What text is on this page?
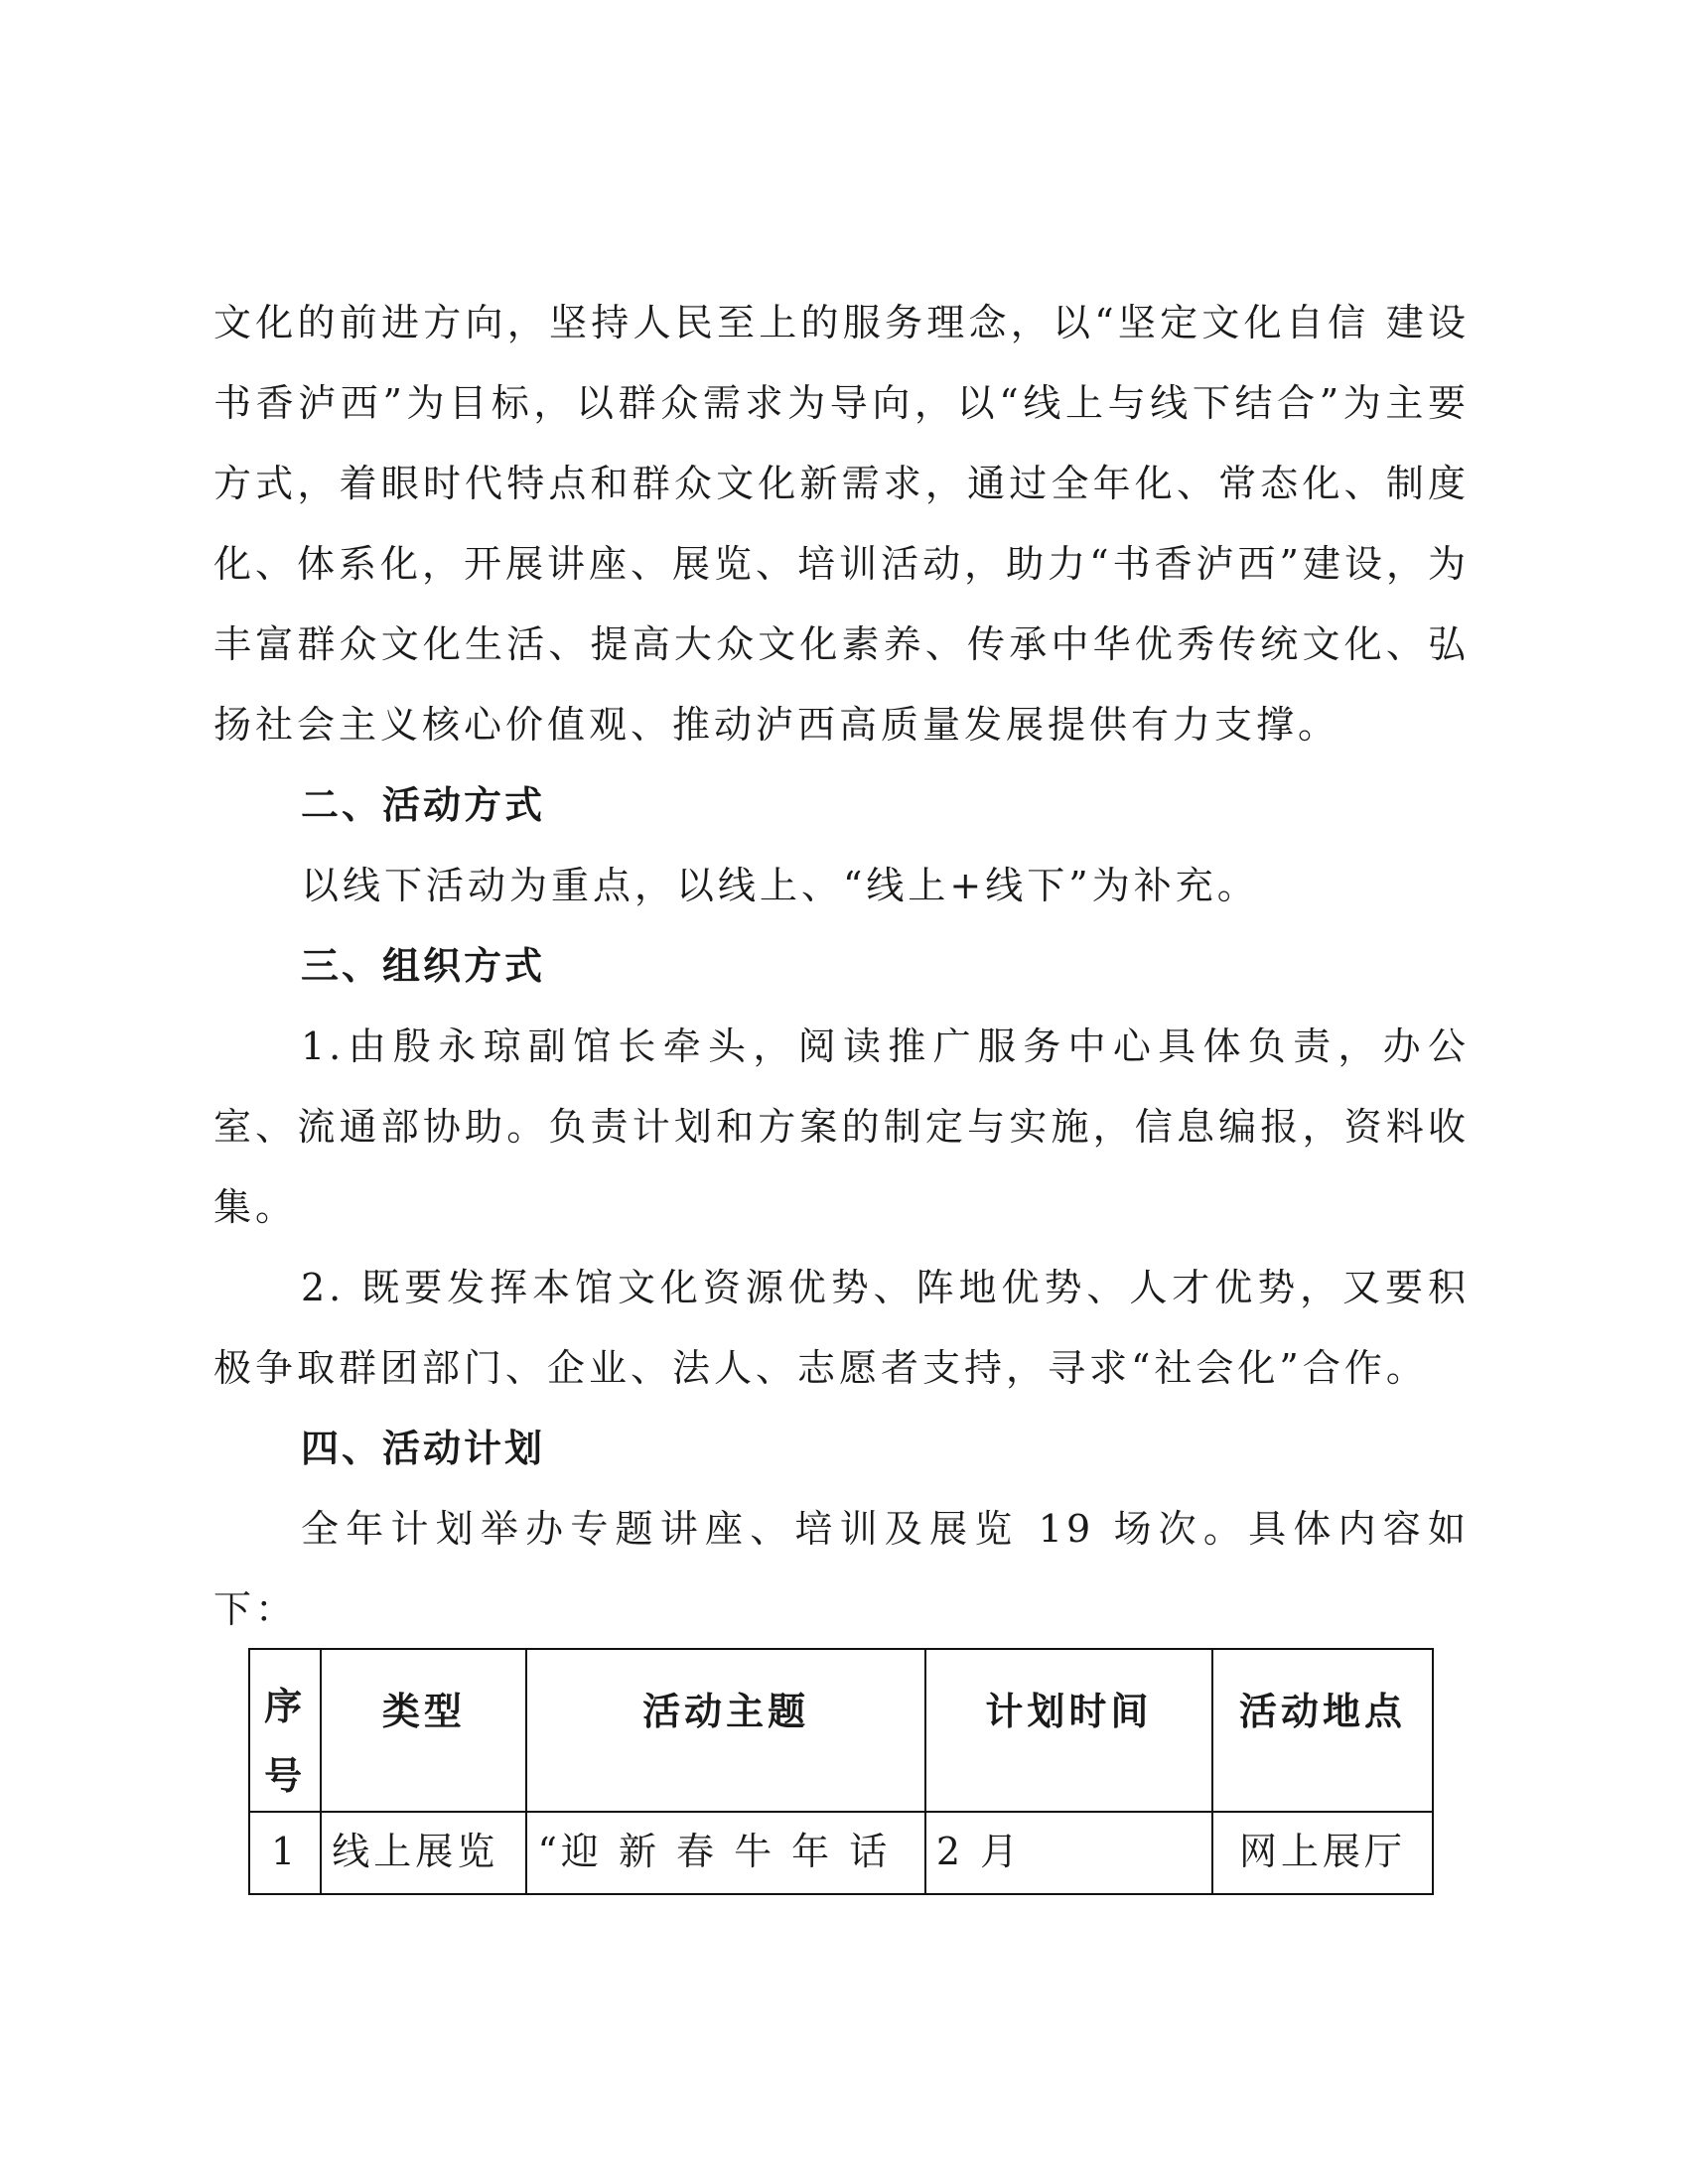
文化的前进方向，坚持人民至上的服务理念，以“坚定文化自信 建设书香泸西”为目标，以群众需求为导向，以“线上与线下结合”为主要方式，着眼时代特点和群众文化新需求，通过全年化、常态化、制度化、体系化，开展讲座、展览、培训活动，助力“书香泸西”建设，为丰富群众文化生活、提高大众文化素养、传承中华优秀传统文化、弘扬社会主义核心价值观、推动泸西高质量发展提供有力支撑。

二、活动方式

以线下活动为重点，以线上、“线上+线下”为补充。

三、组织方式

1.由殷永琼副馆长牵头，阅读推广服务中心具体负责，办公室、流通部协助。负责计划和方案的制定与实施，信息编报，资料收集。

2. 既要发挥本馆文化资源优势、阵地优势、人才优势，又要积极争取群团部门、企业、法人、志愿者支持，寻求“社会化”合作。

四、活动计划

全年计划举办专题讲座、培训及展览 19 场次。具体内容如下：

序号	类型	活动主题	计划时间	活动地点
1	线上展览	“迎 新 春 牛 年 话	2 月	网上展厅
